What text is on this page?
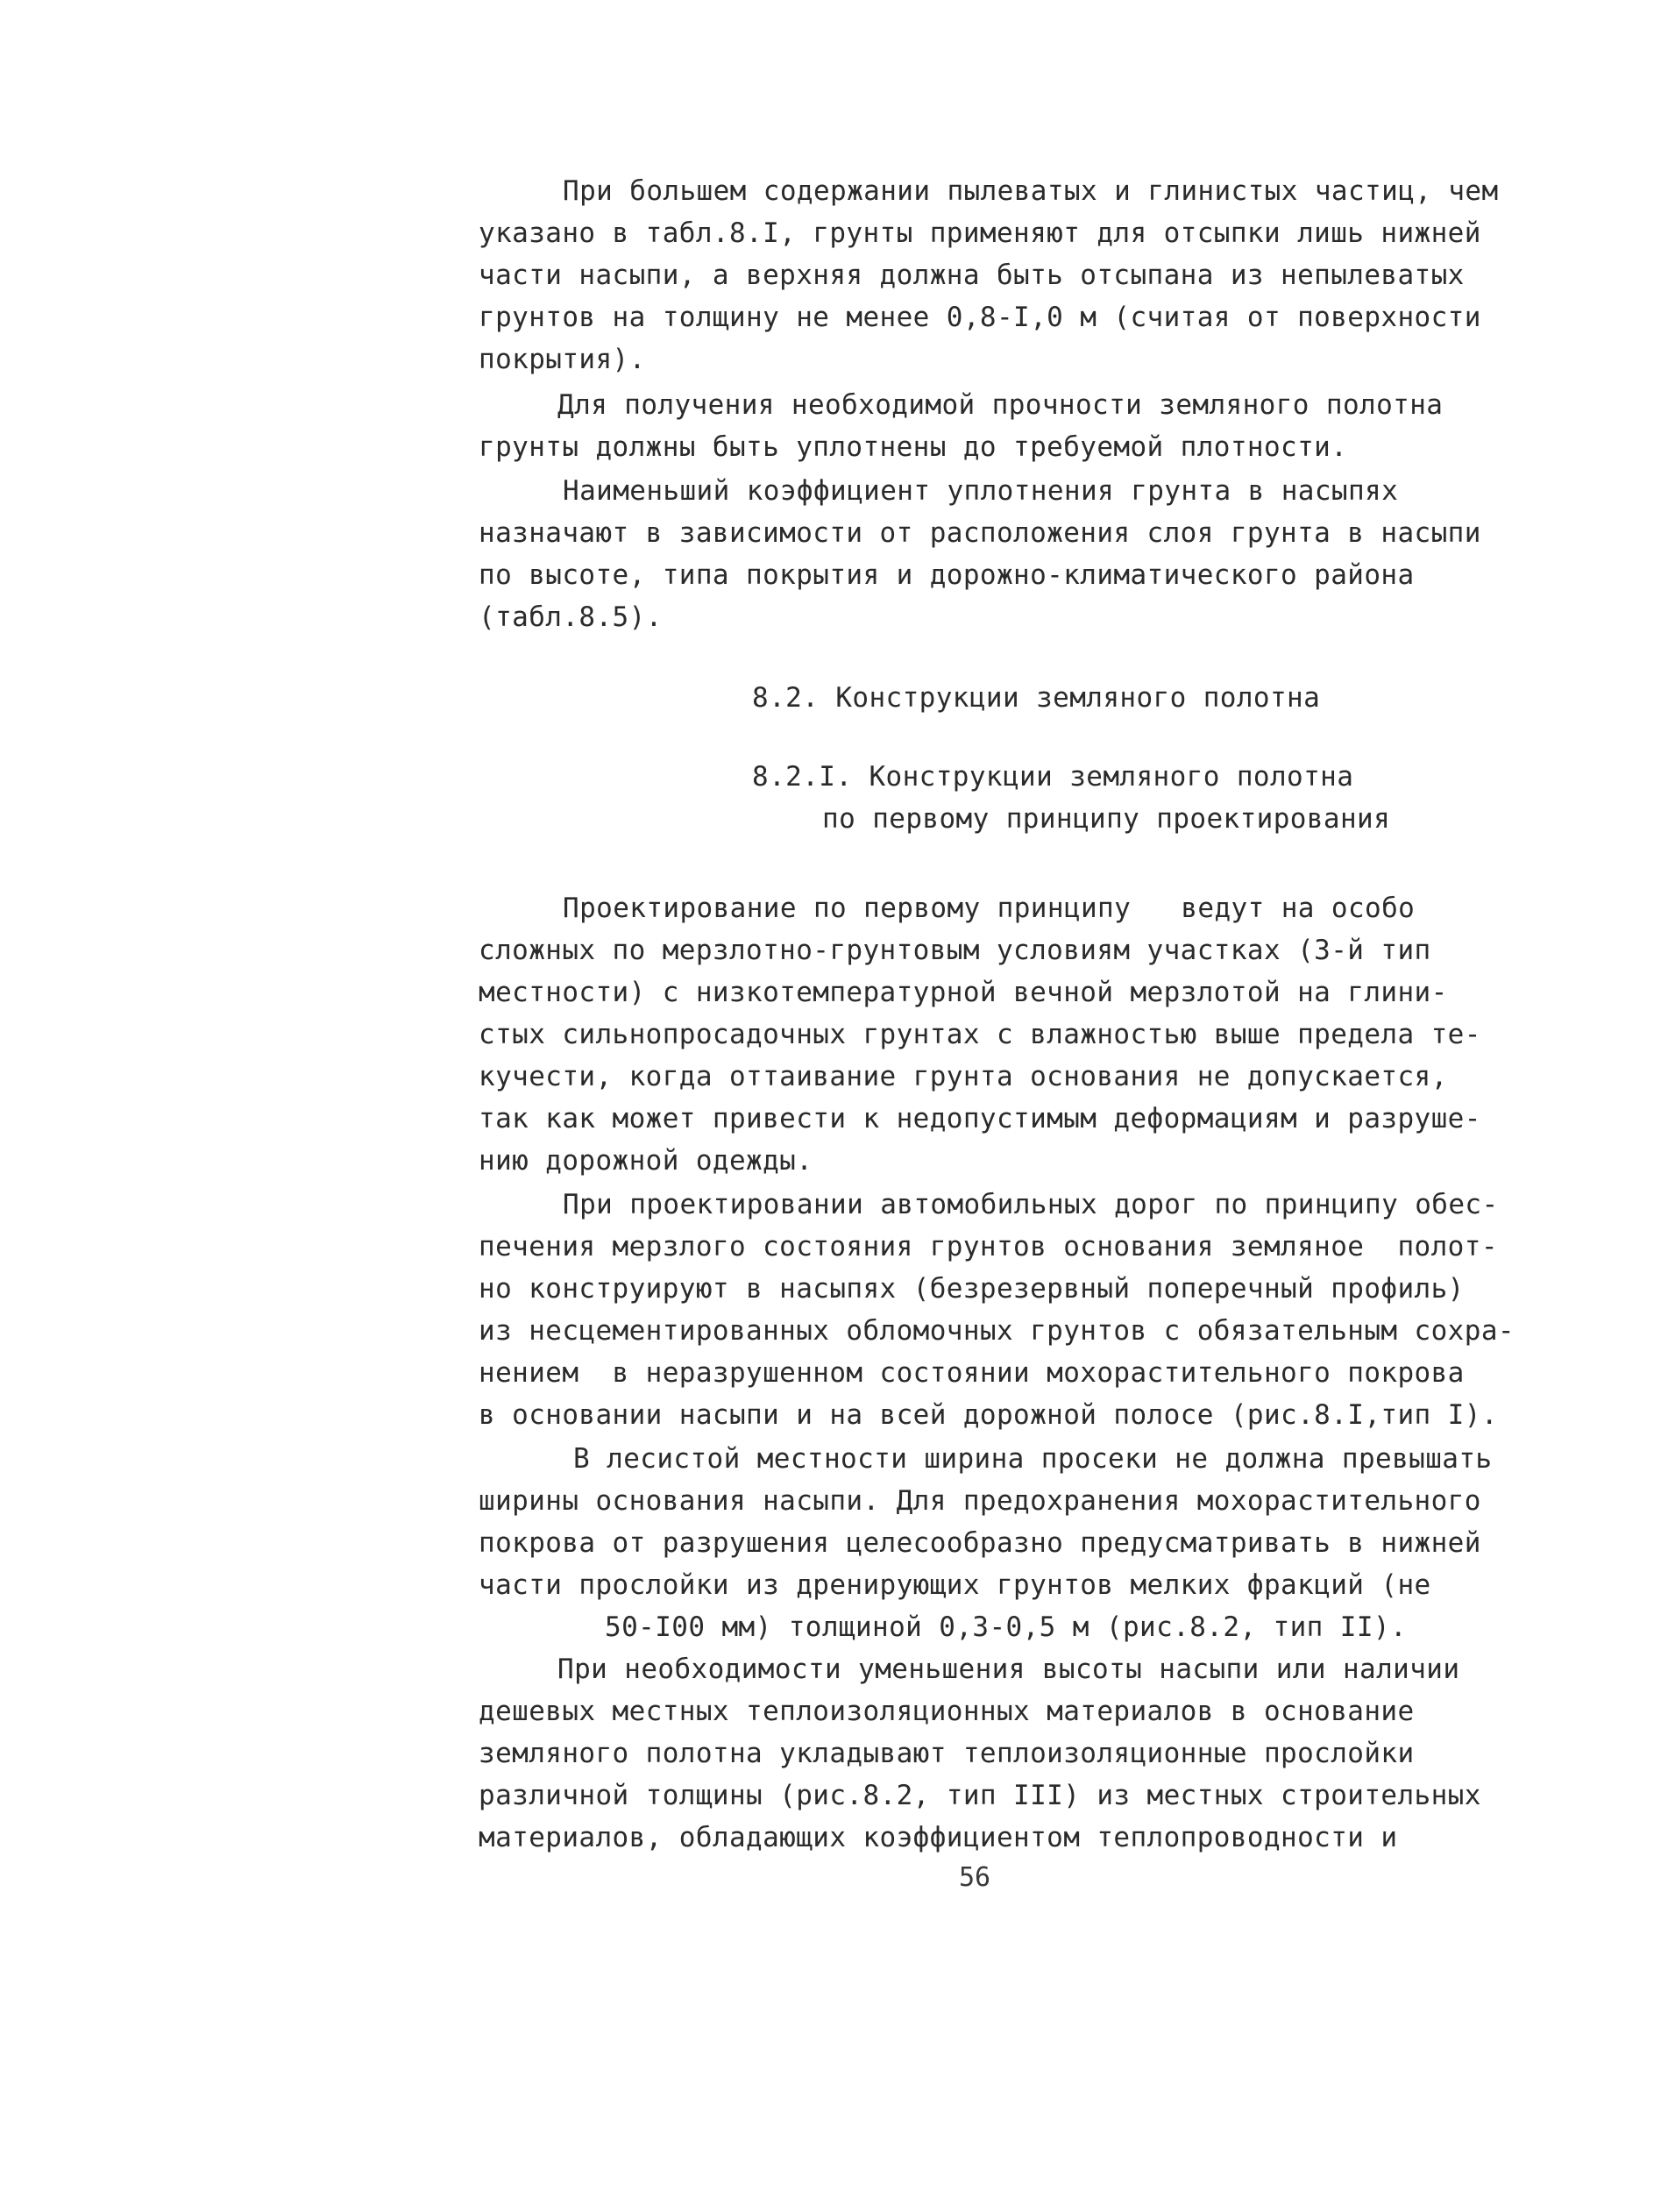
При большем содержании пылеватых и глинистых частиц, чем
указано в табл.8.I, грунты применяют для отсыпки лишь нижней
части насыпи, а верхняя должна быть отсыпана из непылеватых
грунтов на толщину не менее 0,8-I,0 м (считая от поверхности
покрытия).
Для получения необходимой прочности земляного полотна
грунты должны быть уплотнены до требуемой плотности.
Наименьший коэффициент уплотнения грунта в насыпях
назначают в зависимости от расположения слоя грунта в насыпи
по высоте, типа покрытия и дорожно-климатического района
(табл.8.5).
8.2. Конструкции земляного полотна
8.2.I. Конструкции земляного полотна
по первому принципу проектирования
Проектирование по первому принципу   ведут на особо
сложных по мерзлотно-грунтовым условиям участках (3-й тип
местности) с низкотемпературной вечной мерзлотой на глини-
стых сильнопросадочных грунтах с влажностью выше предела те-
кучести, когда оттаивание грунта основания не допускается,
так как может привести к недопустимым деформациям и разруше-
нию дорожной одежды.
При проектировании автомобильных дорог по принципу обес-
печения мерзлого состояния грунтов основания земляное  полот-
но конструируют в насыпях (безрезервный поперечный профиль)
из несцементированных обломочных грунтов с обязательным сохра-
нением  в неразрушенном состоянии мохорастительного покрова
в основании насыпи и на всей дорожной полосе (рис.8.I,тип I).
В лесистой местности ширина просеки не должна превышать
ширины основания насыпи. Для предохранения мохорастительного
покрова от разрушения целесообразно предусматривать в нижней
части прослойки из дренирующих грунтов мелких фракций (не
50-I00 мм) толщиной 0,3-0,5 м (рис.8.2, тип II).
При необходимости уменьшения высоты насыпи или наличии
дешевых местных теплоизоляционных материалов в основание
земляного полотна укладывают теплоизоляционные прослойки
различной толщины (рис.8.2, тип III) из местных строительных
материалов, обладающих коэффициентом теплопроводности и
56
